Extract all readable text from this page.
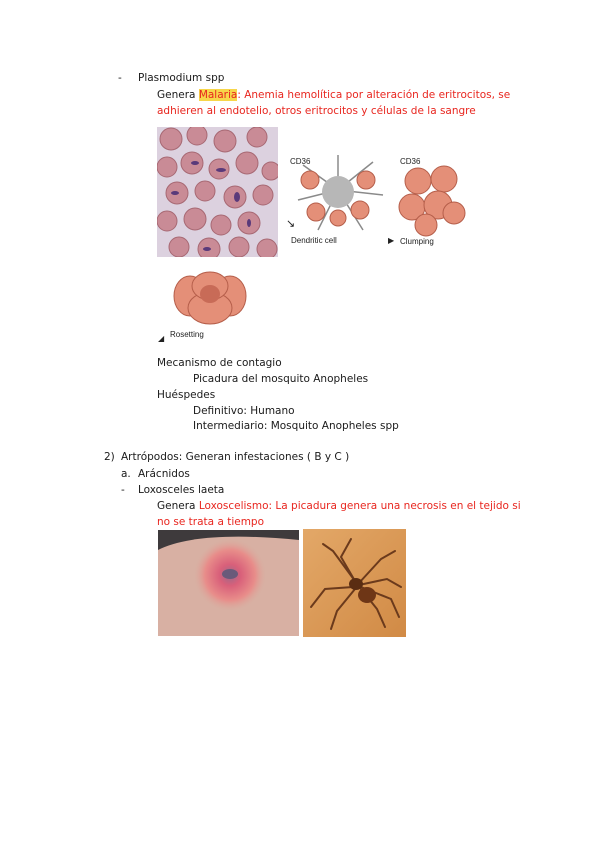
- Plasmodium spp
Genera Malaria: Anemia hemolítica por alteración de eritrocitos, se
adhieren al endotelio, otros eritrocitos y células de la sangre
CD36
↘
Dendritic cell
CD36
▶ Clumping
◢ Rosetting
Mecanismo de contagio
Picadura del mosquito Anopheles
Huéspedes
Definitivo: Humano
Intermediario: Mosquito Anopheles spp
2) Artrópodos: Generan infestaciones ( B y C )
a. Arácnidos
- Loxosceles laeta
Genera Loxoscelismo: La picadura genera una necrosis en el tejido si
no se trata a tiempo
